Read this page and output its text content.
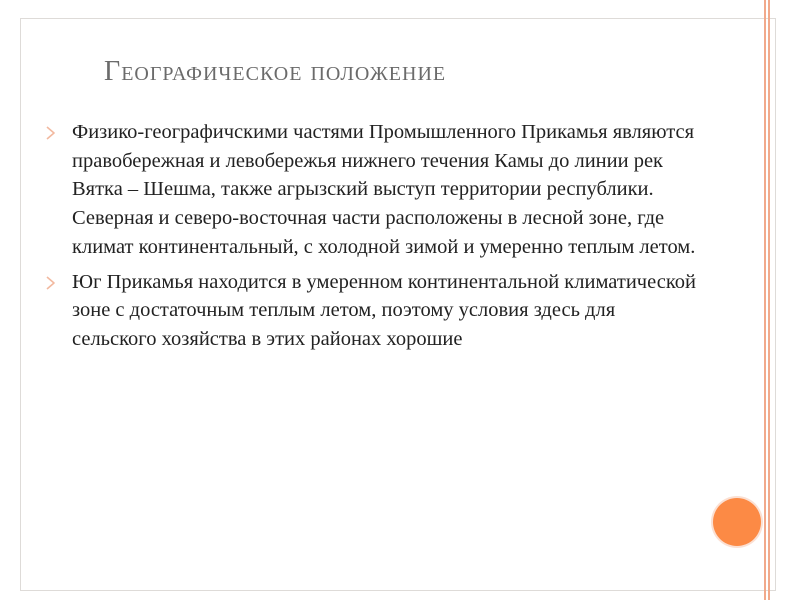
Географическое положение
Физико-географичскими частями Промышленного Прикамья являются правобережная и левобережья нижнего течения Камы до линии рек Вятка – Шешма, также агрызский выступ территории республики. Северная и северо-восточная части расположены в лесной зоне, где климат континентальный, с холодной зимой и умеренно теплым летом.
Юг Прикамья находится в умеренном континентальной климатической зоне с достаточным теплым летом, поэтому условия здесь для сельского хозяйства в этих районах хорошие
